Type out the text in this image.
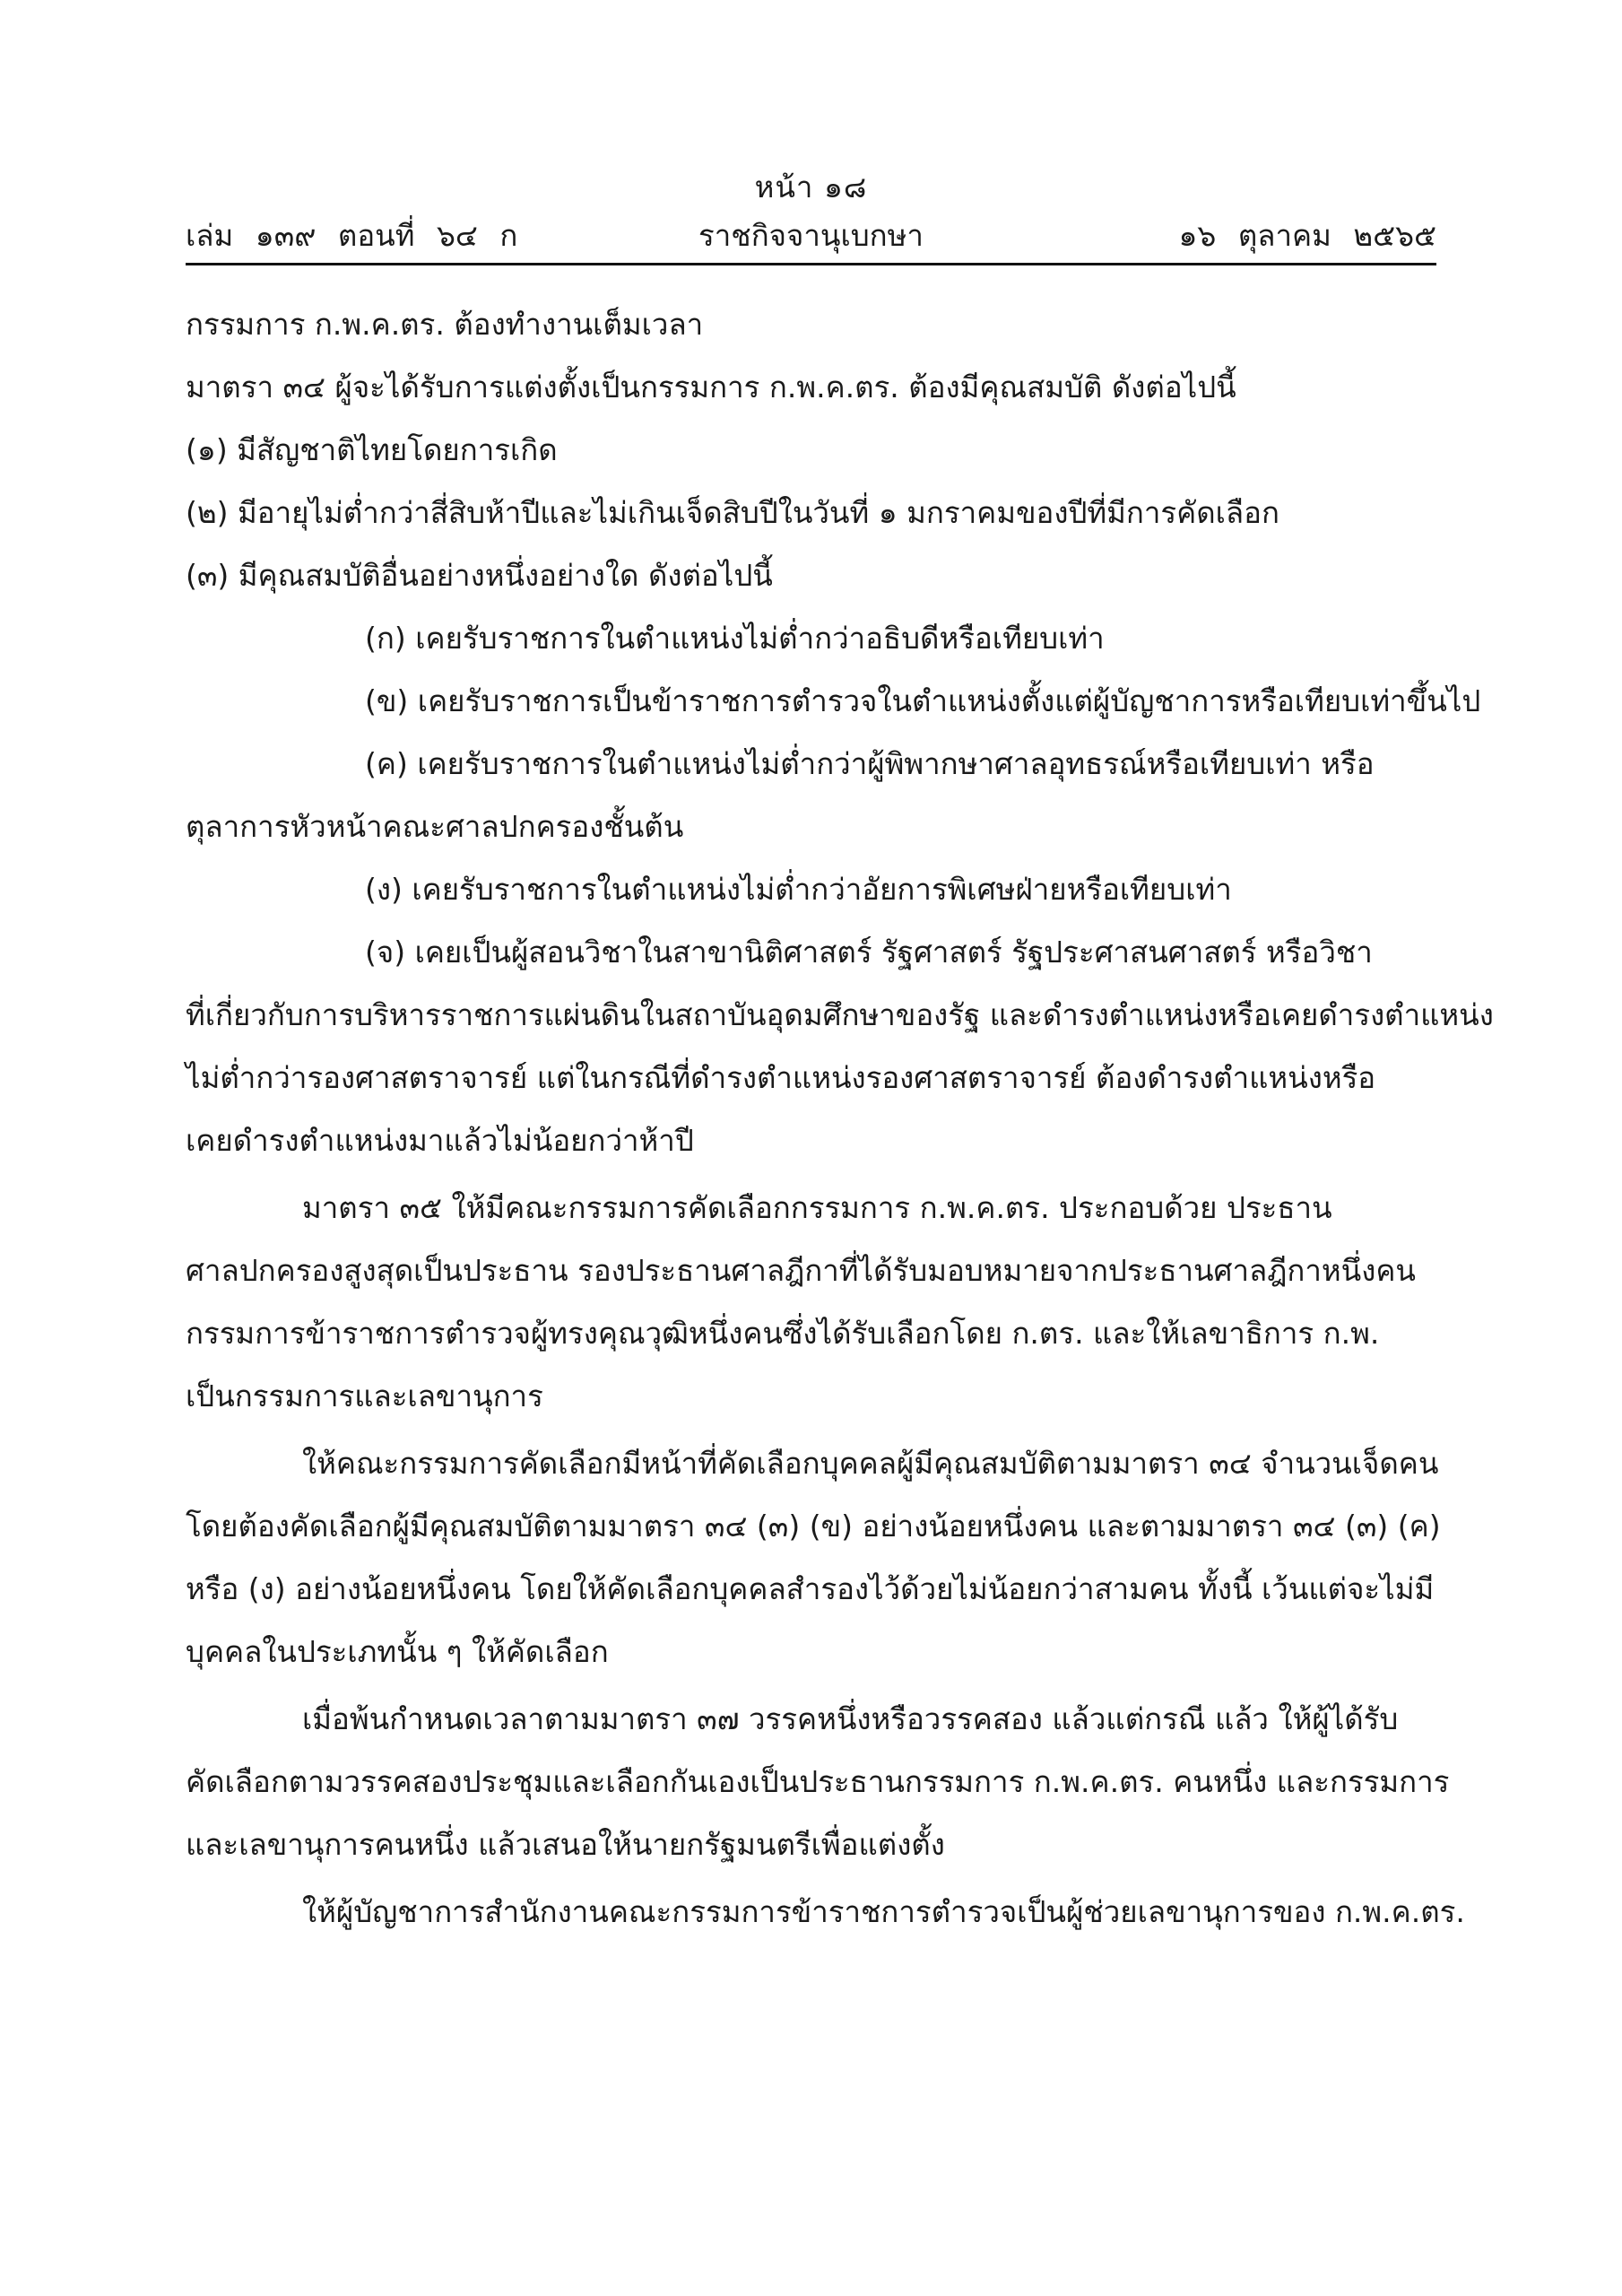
หน้า ๑๘
เล่ม ๑๓๙ ตอนที่ ๖๔ ก	ราชกิจจานุเบกษา	๑๖ ตุลาคม ๒๕๖๕
กรรมการ ก.พ.ค.ตร. ต้องทำงานเต็มเวลา
มาตรา ๓๔ ผู้จะได้รับการแต่งตั้งเป็นกรรมการ ก.พ.ค.ตร. ต้องมีคุณสมบัติ ดังต่อไปนี้
(๑) มีสัญชาติไทยโดยการเกิด
(๒) มีอายุไม่ต่ำกว่าสี่สิบห้าปีและไม่เกินเจ็ดสิบปีในวันที่ ๑ มกราคมของปีที่มีการคัดเลือก
(๓) มีคุณสมบัติอื่นอย่างหนึ่งอย่างใด ดังต่อไปนี้
(ก) เคยรับราชการในตำแหน่งไม่ต่ำกว่าอธิบดีหรือเทียบเท่า
(ข) เคยรับราชการเป็นข้าราชการตำรวจในตำแหน่งตั้งแต่ผู้บัญชาการหรือเทียบเท่าขึ้นไป
(ค) เคยรับราชการในตำแหน่งไม่ต่ำกว่าผู้พิพากษาศาลอุทธรณ์หรือเทียบเท่า หรือ
ตุลาการหัวหน้าคณะศาลปกครองชั้นต้น
(ง) เคยรับราชการในตำแหน่งไม่ต่ำกว่าอัยการพิเศษฝ่ายหรือเทียบเท่า
(จ) เคยเป็นผู้สอนวิชาในสาขานิติศาสตร์ รัฐศาสตร์ รัฐประศาสนศาสตร์ หรือวิชา
ที่เกี่ยวกับการบริหารราชการแผ่นดินในสถาบันอุดมศึกษาของรัฐ และดำรงตำแหน่งหรือเคยดำรงตำแหน่ง
ไม่ต่ำกว่ารองศาสตราจารย์ แต่ในกรณีที่ดำรงตำแหน่งรองศาสตราจารย์ ต้องดำรงตำแหน่งหรือ
เคยดำรงตำแหน่งมาแล้วไม่น้อยกว่าห้าปี
มาตรา ๓๕ ให้มีคณะกรรมการคัดเลือกกรรมการ ก.พ.ค.ตร. ประกอบด้วย ประธาน
ศาลปกครองสูงสุดเป็นประธาน รองประธานศาลฎีกาที่ได้รับมอบหมายจากประธานศาลฎีกาหนึ่งคน
กรรมการข้าราชการตำรวจผู้ทรงคุณวุฒิหนึ่งคนซึ่งได้รับเลือกโดย ก.ตร. และให้เลขาธิการ ก.พ.
เป็นกรรมการและเลขานุการ
ให้คณะกรรมการคัดเลือกมีหน้าที่คัดเลือกบุคคลผู้มีคุณสมบัติตามมาตรา ๓๔ จำนวนเจ็ดคน
โดยต้องคัดเลือกผู้มีคุณสมบัติตามมาตรา ๓๔ (๓) (ข) อย่างน้อยหนึ่งคน และตามมาตรา ๓๔ (๓) (ค)
หรือ (ง) อย่างน้อยหนึ่งคน โดยให้คัดเลือกบุคคลสำรองไว้ด้วยไม่น้อยกว่าสามคน ทั้งนี้ เว้นแต่จะไม่มี
บุคคลในประเภทนั้น ๆ ให้คัดเลือก
เมื่อพ้นกำหนดเวลาตามมาตรา ๓๗ วรรคหนึ่งหรือวรรคสอง แล้วแต่กรณี แล้ว ให้ผู้ได้รับ
คัดเลือกตามวรรคสองประชุมและเลือกกันเองเป็นประธานกรรมการ ก.พ.ค.ตร. คนหนึ่ง และกรรมการ
และเลขานุการคนหนึ่ง แล้วเสนอให้นายกรัฐมนตรีเพื่อแต่งตั้ง
ให้ผู้บัญชาการสำนักงานคณะกรรมการข้าราชการตำรวจเป็นผู้ช่วยเลขานุการของ ก.พ.ค.ตร.
